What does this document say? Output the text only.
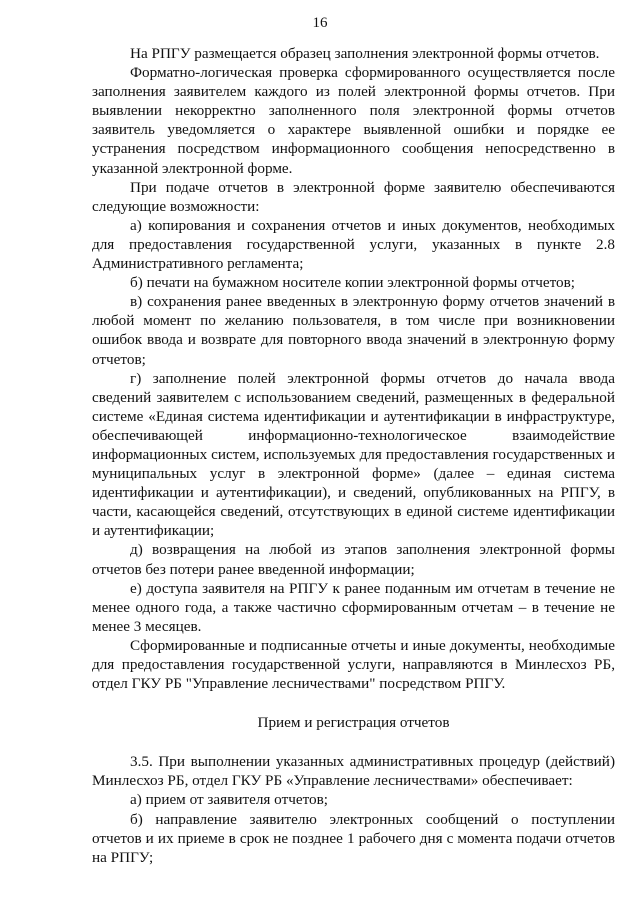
16

На РПГУ размещается образец заполнения электронной формы отчетов.

Форматно-логическая проверка сформированного осуществляется после заполнения заявителем каждого из полей электронной формы отчетов. При выявлении некорректно заполненного поля электронной формы отчетов заявитель уведомляется о характере выявленной ошибки и порядке ее устранения посредством информационного сообщения непосредственно в указанной электронной форме.

При подаче отчетов в электронной форме заявителю обеспечиваются следующие возможности:

а) копирования и сохранения отчетов и иных документов, необходимых для предоставления государственной услуги, указанных в пункте 2.8 Административного регламента;

б) печати на бумажном носителе копии электронной формы отчетов;

в) сохранения ранее введенных в электронную форму отчетов значений в любой момент по желанию пользователя, в том числе при возникновении ошибок ввода и возврате для повторного ввода значений в электронную форму отчетов;

г) заполнение полей электронной формы отчетов до начала ввода сведений заявителем с использованием сведений, размещенных в федеральной системе «Единая система идентификации и аутентификации в инфраструктуре, обеспечивающей информационно-технологическое взаимодействие информационных систем, используемых для предоставления государственных и муниципальных услуг в электронной форме» (далее – единая система идентификации и аутентификации), и сведений, опубликованных на РПГУ, в части, касающейся сведений, отсутствующих в единой системе идентификации и аутентификации;

д) возвращения на любой из этапов заполнения электронной формы отчетов без потери ранее введенной информации;

е) доступа заявителя на РПГУ к ранее поданным им отчетам в течение не менее одного года, а также частично сформированным отчетам – в течение не менее 3 месяцев.

Сформированные и подписанные отчеты и иные документы, необходимые для предоставления государственной услуги, направляются в Минлесхоз РБ, отдел ГКУ РБ "Управление лесничествами" посредством РПГУ.

Прием и регистрация отчетов

3.5. При выполнении указанных административных процедур (действий) Минлесхоз РБ, отдел ГКУ РБ «Управление лесничествами» обеспечивает:

а) прием от заявителя отчетов;

б) направление заявителю электронных сообщений о поступлении отчетов и их приеме в срок не позднее 1 рабочего дня с момента подачи отчетов на РПГУ;
